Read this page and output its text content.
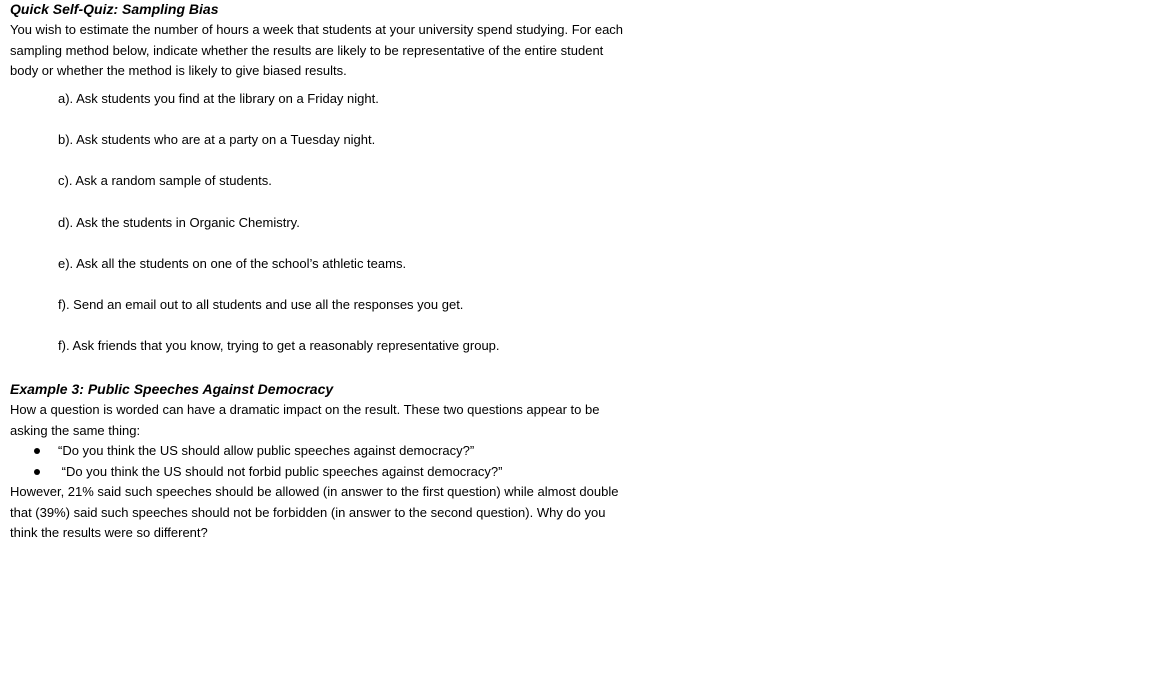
Quick Self-Quiz: Sampling Bias

You wish to estimate the number of hours a week that students at your university spend studying. For each sampling method below, indicate whether the results are likely to be representative of the entire student body or whether the method is likely to give biased results.

a). Ask students you find at the library on a Friday night.
b). Ask students who are at a party on a Tuesday night.
c). Ask a random sample of students.
d). Ask the students in Organic Chemistry.
e). Ask all the students on one of the school’s athletic teams.
f). Send an email out to all students and use all the responses you get.
f). Ask friends that you know, trying to get a reasonably representative group.
Example 3: Public Speeches Against Democracy

How a question is worded can have a dramatic impact on the result. These two questions appear to be asking the same thing:

“Do you think the US should allow public speeches against democracy?”
“Do you think the US should not forbid public speeches against democracy?”

However, 21% said such speeches should be allowed (in answer to the first question) while almost double that (39%) said such speeches should not be forbidden (in answer to the second question). Why do you think the results were so different?
